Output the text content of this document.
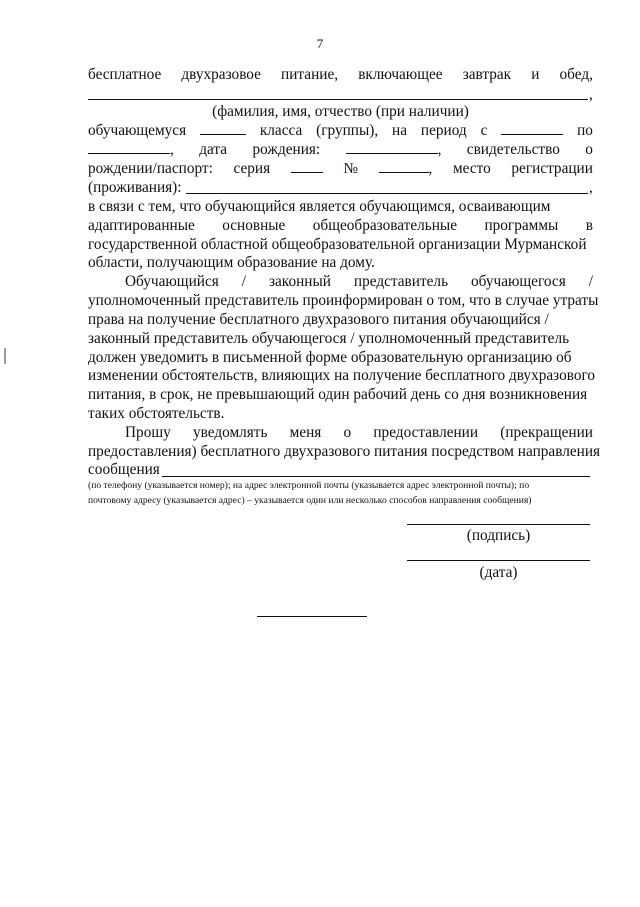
7
бесплатное двухразовое питание, включающее завтрак и обед,
,
(фамилия, имя, отчество (при наличии)
обучающемуся	класса (группы), на период с	по
, дата рождения:	, свидетельство о
рождении/паспорт: серия	№	, место регистрации
(проживания):	,
в связи с тем, что обучающийся является обучающимся, осваивающим
адаптированные основные общеобразовательные программы в
государственной областной общеобразовательной организации Мурманской
области, получающим образование на дому.
Обучающийся / законный представитель обучающегося /
уполномоченный представитель проинформирован о том, что в случае утраты
права на получение бесплатного двухразового питания обучающийся /
законный представитель обучающегося / уполномоченный представитель
должен уведомить в письменной форме образовательную организацию об
изменении обстоятельств, влияющих на получение бесплатного двухразового
питания, в срок, не превышающий один рабочий день со дня возникновения
таких обстоятельств.
Прошу уведомлять меня о предоставлении (прекращении
предоставления) бесплатного двухразового питания посредством направления
сообщения
(по телефону (указывается номер); на адрес электронной почты (указывается адрес электронной почты); по
почтовому адресу (указывается адрес) – указывается один или несколько способов направления сообщения)
(подпись)
(дата)
